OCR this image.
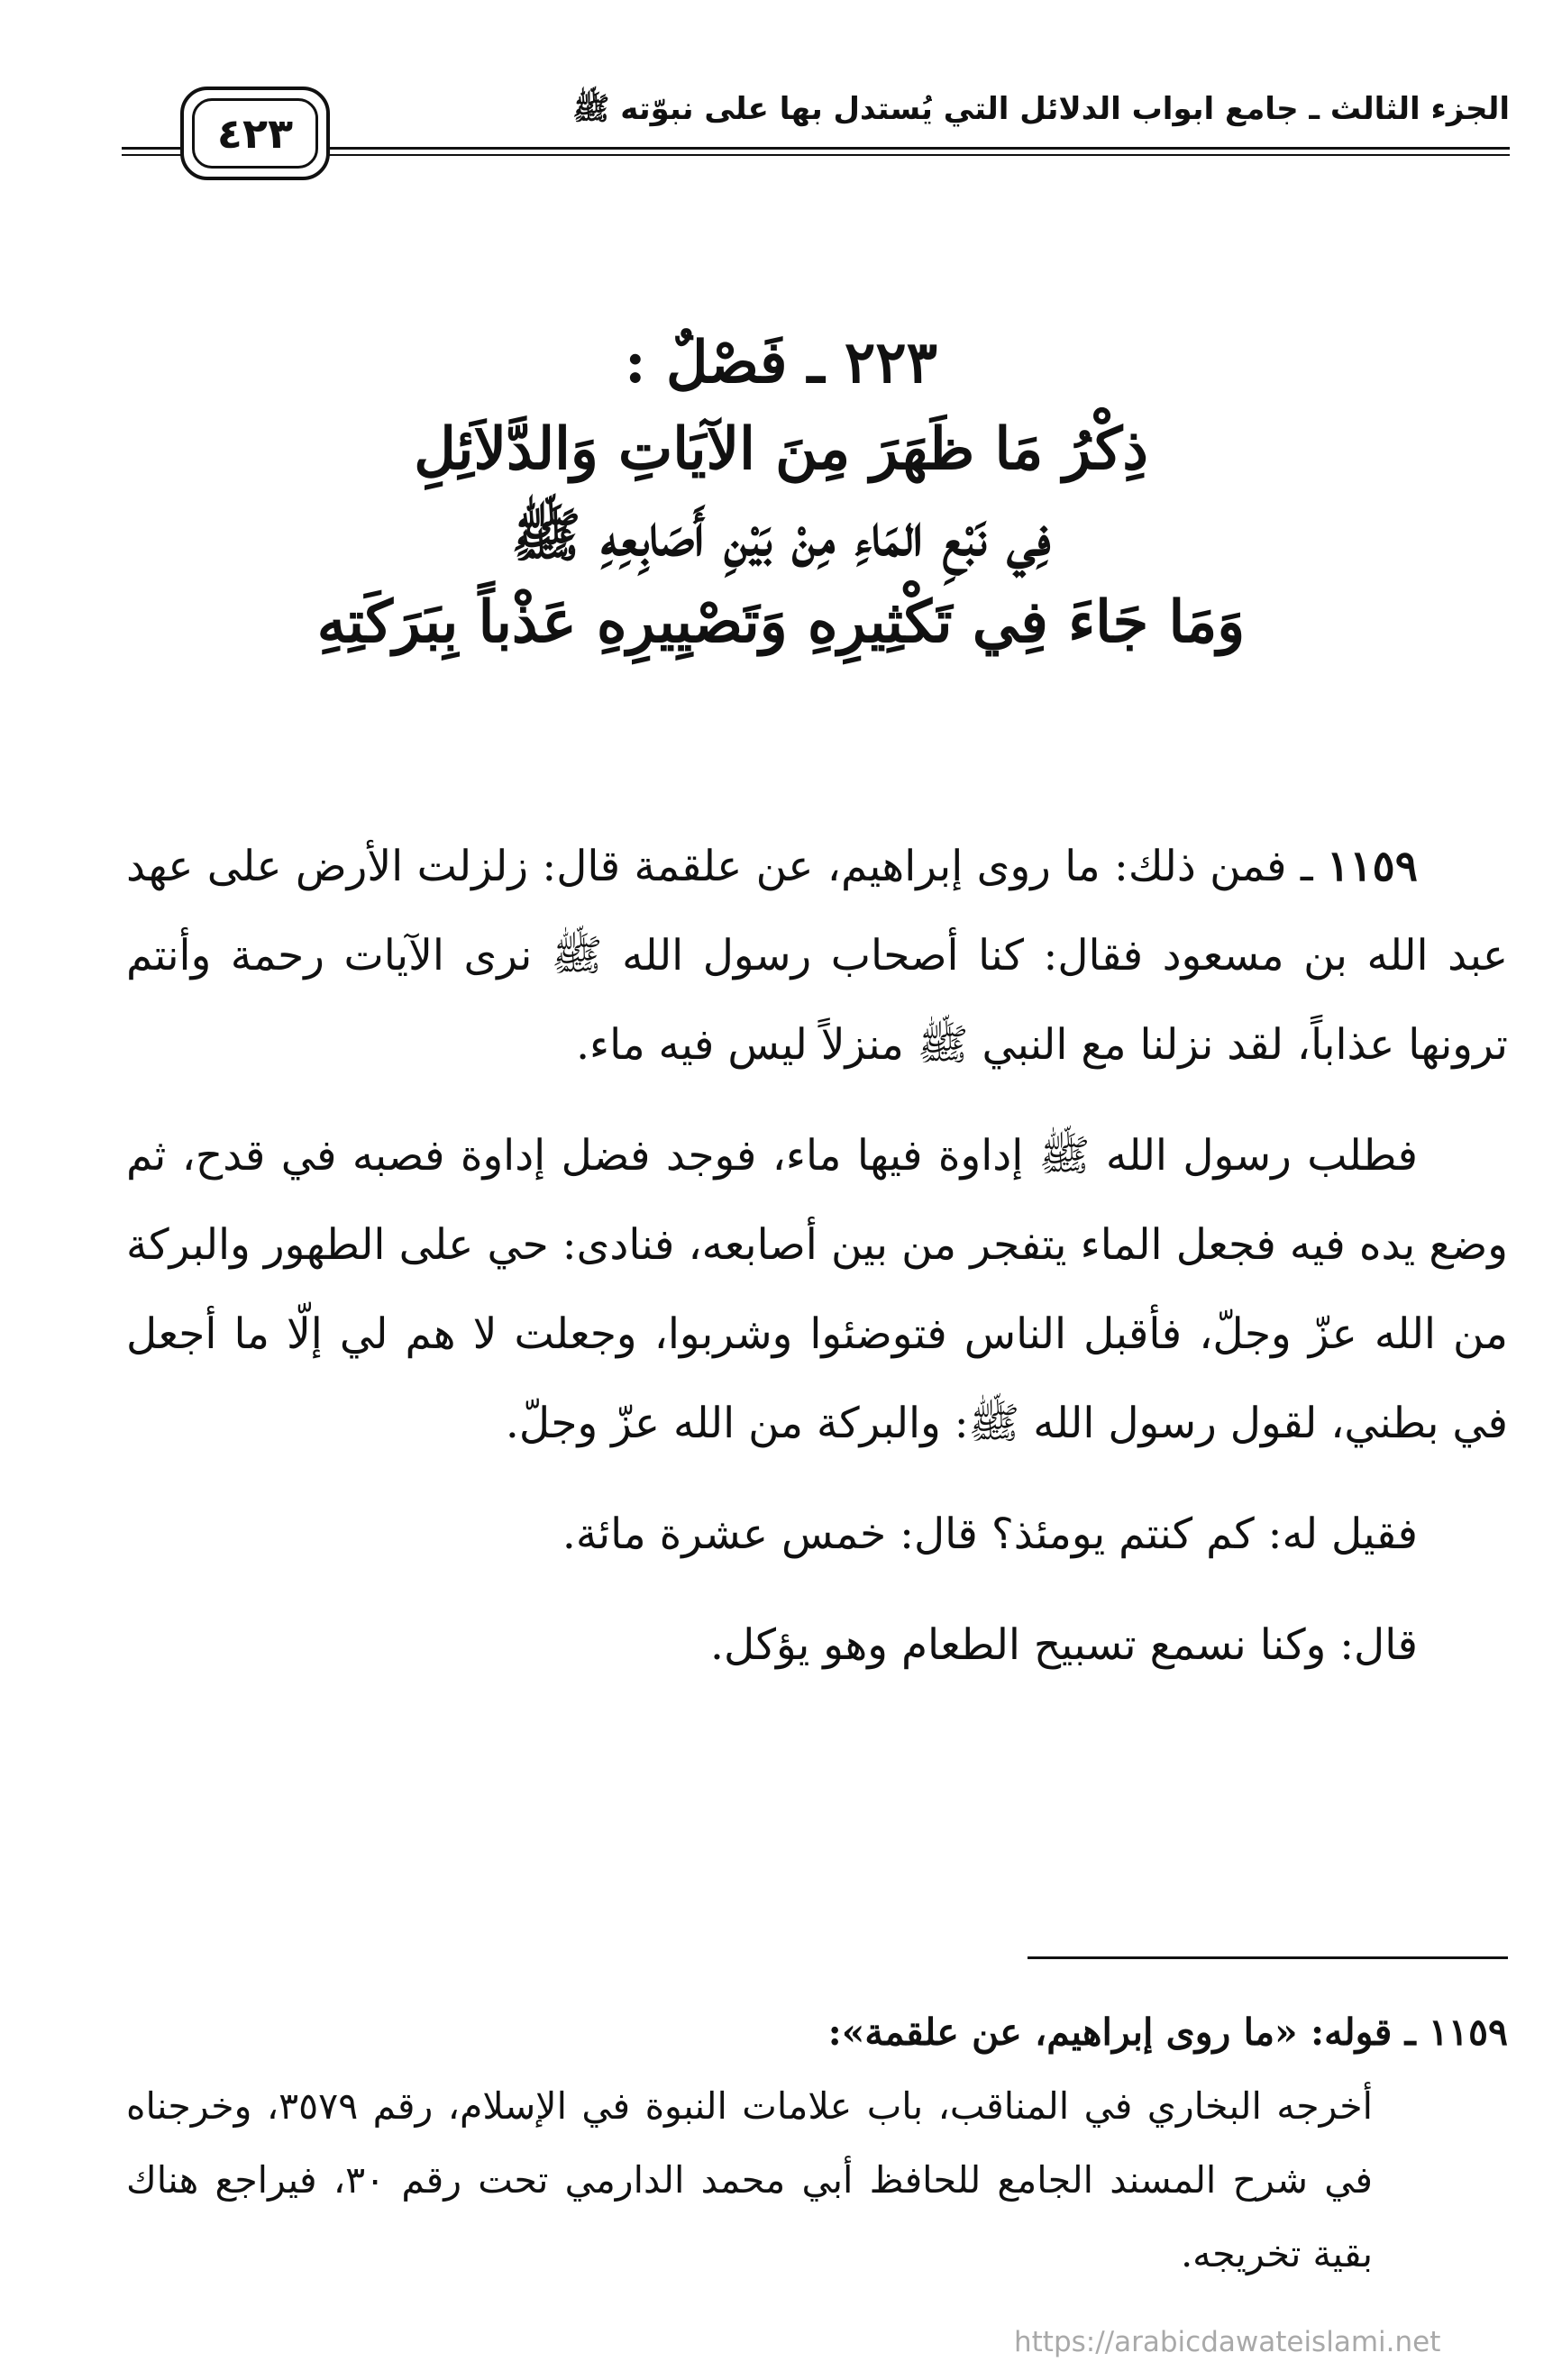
الجزء الثالث ـ جامع ابواب الدلائل التي يُستدل بها على نبوّته ﷺ
٤٢٣
٢٢٣ ـ فَصْلٌ :
ذِكْرُ مَا ظَهَرَ مِنَ الآيَاتِ وَالدَّلاَئِلِ
فِي نَبْعِ المَاءِ مِنْ بَيْنِ أَصَابِعِهِ ﷺ
وَمَا جَاءَ فِي تَكْثِيرِهِ وَتَصْيِيرِهِ عَذْباً بِبَرَكَتِهِ

١١٥٩ ـ فمن ذلك: ما روى إبراهيم، عن علقمة قال: زلزلت الأرض على عهد عبد الله بن مسعود فقال: كنا أصحاب رسول الله ﷺ نرى الآيات رحمة وأنتم ترونها عذاباً، لقد نزلنا مع النبي ﷺ منزلاً ليس فيه ماء.

فطلب رسول الله ﷺ إداوة فيها ماء، فوجد فضل إداوة فصبه في قدح، ثم وضع يده فيه فجعل الماء يتفجر من بين أصابعه، فنادى: حي على الطهور والبركة من الله عزّ وجلّ، فأقبل الناس فتوضئوا وشربوا، وجعلت لا هم لي إلّا ما أجعل في بطني، لقول رسول الله ﷺ: والبركة من الله عزّ وجلّ.

فقيل له: كم كنتم يومئذ؟ قال: خمس عشرة مائة.

قال: وكنا نسمع تسبيح الطعام وهو يؤكل.

١١٥٩ ـ قوله: «ما روى إبراهيم، عن علقمة»:
أخرجه البخاري في المناقب، باب علامات النبوة في الإسلام، رقم ٣٥٧٩، وخرجناه في شرح المسند الجامع للحافظ أبي محمد الدارمي تحت رقم ٣٠، فيراجع هناك بقية تخريجه.
https://arabicdawateislami.net
